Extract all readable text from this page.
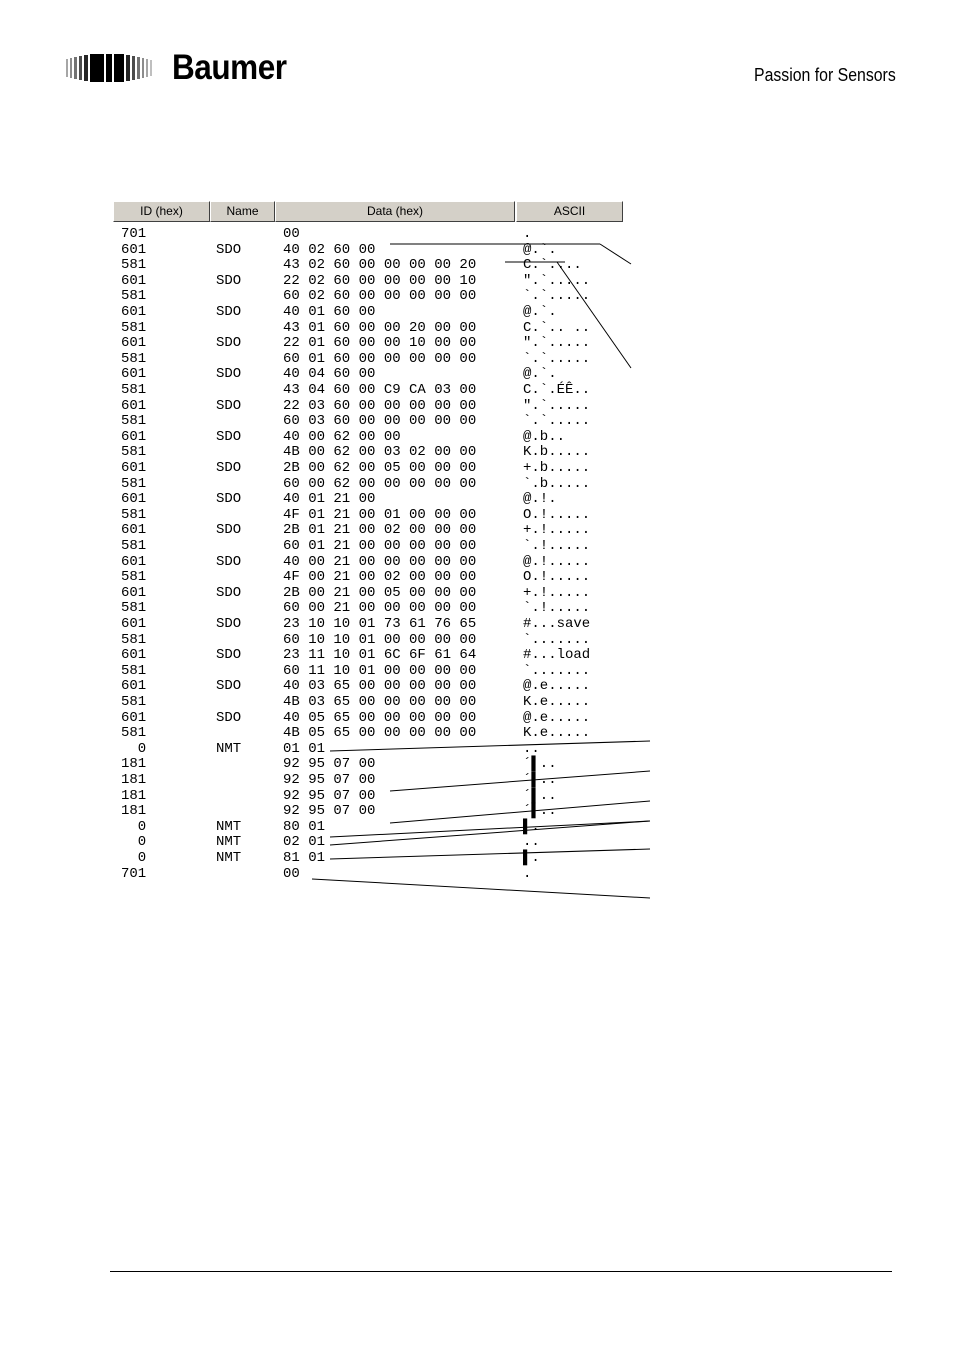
Baumer	Passion for Sensors
ID (hex)	Name	Data (hex)	ASCII
701	00	.
601	SDO	40 02 60 00	@.`.
581	43 02 60 00 00 00 00 20	C.`....
601	SDO	22 02 60 00 00 00 00 10	".`.....
581	60 02 60 00 00 00 00 00	`.`.....
601	SDO	40 01 60 00	@.`.
581	43 01 60 00 00 20 00 00	C.`.. ..
601	SDO	22 01 60 00 00 10 00 00	".`.....
581	60 01 60 00 00 00 00 00	`.`.....
601	SDO	40 04 60 00	@.`.
581	43 04 60 00 C9 CA 03 00	C.`.ÉÊ..
601	SDO	22 03 60 00 00 00 00 00	".`.....
581	60 03 60 00 00 00 00 00	`.`.....
601	SDO	40 00 62 00 00	@.b..
581	4B 00 62 00 03 02 00 00	K.b.....
601	SDO	2B 00 62 00 05 00 00 00	+.b.....
581	60 00 62 00 00 00 00 00	`.b.....
601	SDO	40 01 21 00	@.!.
581	4F 01 21 00 01 00 00 00	O.!.....
601	SDO	2B 01 21 00 02 00 00 00	+.!.....
581	60 01 21 00 00 00 00 00	`.!.....
601	SDO	40 00 21 00 00 00 00 00	@.!.....
581	4F 00 21 00 02 00 00 00	O.!.....
601	SDO	2B 00 21 00 05 00 00 00	+.!.....
581	60 00 21 00 00 00 00 00	`.!.....
601	SDO	23 10 10 01 73 61 76 65	#...save
581	60 10 10 01 00 00 00 00	`.......
601	SDO	23 11 10 01 6C 6F 61 64	#...load
581	60 11 10 01 00 00 00 00	`.......
601	SDO	40 03 65 00 00 00 00 00	@.e.....
581	4B 03 65 00 00 00 00 00	K.e.....
601	SDO	40 05 65 00 00 00 00 00	@.e.....
581	4B 05 65 00 00 00 00 00	K.e.....
0	NMT	01 01	..
181	92 95 07 00	´▌..
181	92 95 07 00	´▌..
181	92 95 07 00	´▌..
181	92 95 07 00	´▌..
0	NMT	80 01	▌.
0	NMT	02 01	..
0	NMT	81 01	▌.
701	00	.
